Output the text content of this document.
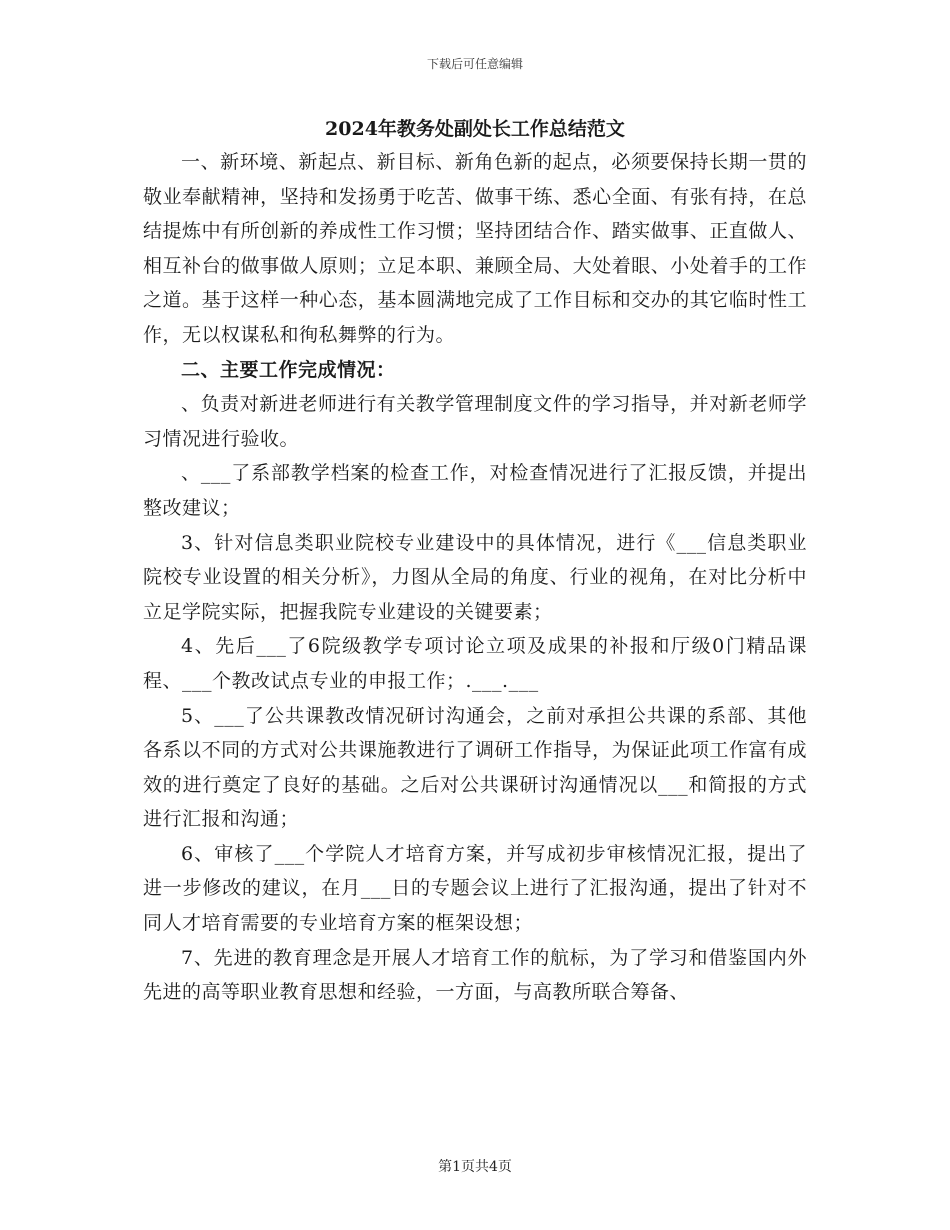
下载后可任意编辑
2024年教务处副处长工作总结范文

一、新环境、新起点、新目标、新角色新的起点，必须要保持长期一贯的敬业奉献精神，坚持和发扬勇于吃苦、做事干练、悉心全面、有张有持，在总结提炼中有所创新的养成性工作习惯；坚持团结合作、踏实做事、正直做人、相互补台的做事做人原则；立足本职、兼顾全局、大处着眼、小处着手的工作之道。基于这样一种心态，基本圆满地完成了工作目标和交办的其它临时性工作，无以权谋私和徇私舞弊的行为。

二、主要工作完成情况：

、负责对新进老师进行有关教学管理制度文件的学习指导，并对新老师学习情况进行验收。

、___了系部教学档案的检查工作，对检查情况进行了汇报反馈，并提出整改建议；

3、针对信息类职业院校专业建设中的具体情况，进行《___信息类职业院校专业设置的相关分析》，力图从全局的角度、行业的视角，在对比分析中立足学院实际，把握我院专业建设的关键要素；

4、先后___了6院级教学专项讨论立项及成果的补报和厅级0门精品课程、___个教改试点专业的申报工作；.___.___

5、___了公共课教改情况研讨沟通会，之前对承担公共课的系部、其他各系以不同的方式对公共课施教进行了调研工作指导，为保证此项工作富有成效的进行奠定了良好的基础。之后对公共课研讨沟通情况以___和简报的方式进行汇报和沟通；

6、审核了___个学院人才培育方案，并写成初步审核情况汇报，提出了进一步修改的建议，在月___日的专题会议上进行了汇报沟通，提出了针对不同人才培育需要的专业培育方案的框架设想；

7、先进的教育理念是开展人才培育工作的航标，为了学习和借鉴国内外先进的高等职业教育思想和经验，一方面，与高教所联合筹备、

第1页共4页
